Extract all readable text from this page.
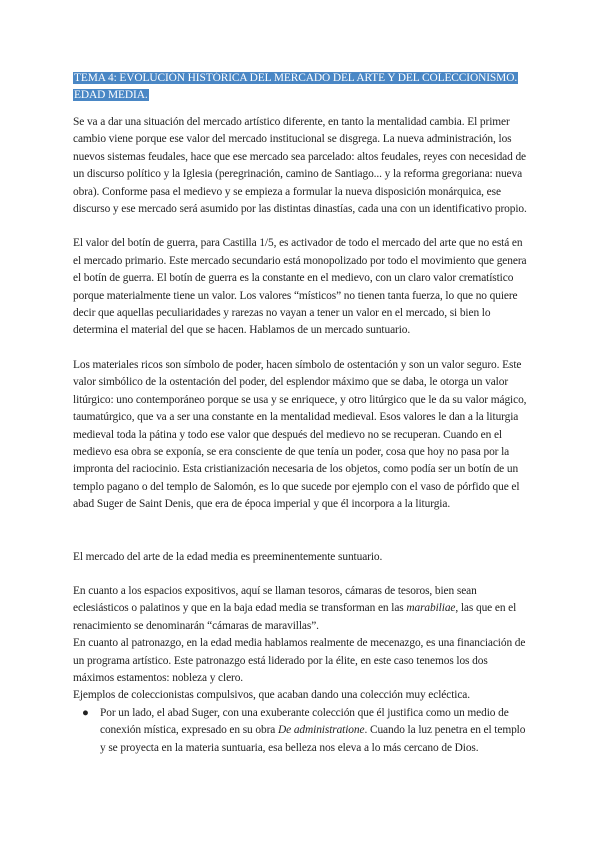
TEMA 4: EVOLUCIÓN HISTÓRICA DEL MERCADO DEL ARTE Y DEL COLECCIONISMO. EDAD MEDIA.

Se va a dar una situación del mercado artístico diferente, en tanto la mentalidad cambia. El primer cambio viene porque ese valor del mercado institucional se disgrega. La nueva administración, los nuevos sistemas feudales, hace que ese mercado sea parcelado: altos feudales, reyes con necesidad de un discurso político y la Iglesia (peregrinación, camino de Santiago... y la reforma gregoriana: nueva obra). Conforme pasa el medievo y se empieza a formular la nueva disposición monárquica, ese discurso y ese mercado será asumido por las distintas dinastías, cada una con un identificativo propio.

El valor del botín de guerra, para Castilla 1/5, es activador de todo el mercado del arte que no está en el mercado primario. Este mercado secundario está monopolizado por todo el movimiento que genera el botín de guerra. El botín de guerra es la constante en el medievo, con un claro valor crematístico porque materialmente tiene un valor. Los valores “místicos” no tienen tanta fuerza, lo que no quiere decir que aquellas peculiaridades y rarezas no vayan a tener un valor en el mercado, si bien lo determina el material del que se hacen. Hablamos de un mercado suntuario.

Los materiales ricos son símbolo de poder, hacen símbolo de ostentación y son un valor seguro. Este valor simbólico de la ostentación del poder, del esplendor máximo que se daba, le otorga un valor litúrgico: uno contemporáneo porque se usa y se enriquece, y otro litúrgico que le da su valor mágico, taumatúrgico, que va a ser una constante en la mentalidad medieval. Esos valores le dan a la liturgia medieval toda la pátina y todo ese valor que después del medievo no se recuperan. Cuando en el medievo esa obra se exponía, se era consciente de que tenía un poder, cosa que hoy no pasa por la impronta del raciocinio. Esta cristianización necesaria de los objetos, como podía ser un botín de un templo pagano o del templo de Salomón, es lo que sucede por ejemplo con el vaso de pórfido que el abad Suger de Saint Denis, que era de época imperial y que él incorpora a la liturgia.

El mercado del arte de la edad media es preeminentemente suntuario.

En cuanto a los espacios expositivos, aquí se llaman tesoros, cámaras de tesoros, bien sean eclesiásticos o palatinos y que en la baja edad media se transforman en las marabiliae, las que en el renacimiento se denominarán “cámaras de maravillas”.

En cuanto al patronazgo, en la edad media hablamos realmente de mecenazgo, es una financiación de un programa artístico. Este patronazgo está liderado por la élite, en este caso tenemos los dos máximos estamentos: nobleza y clero.

Ejemplos de coleccionistas compulsivos, que acaban dando una colección muy ecléctica.

● Por un lado, el abad Suger, con una exuberante colección que él justifica como un medio de conexión mística, expresado en su obra De administratione. Cuando la luz penetra en el templo y se proyecta en la materia suntuaria, esa belleza nos eleva a lo más cercano de Dios.
